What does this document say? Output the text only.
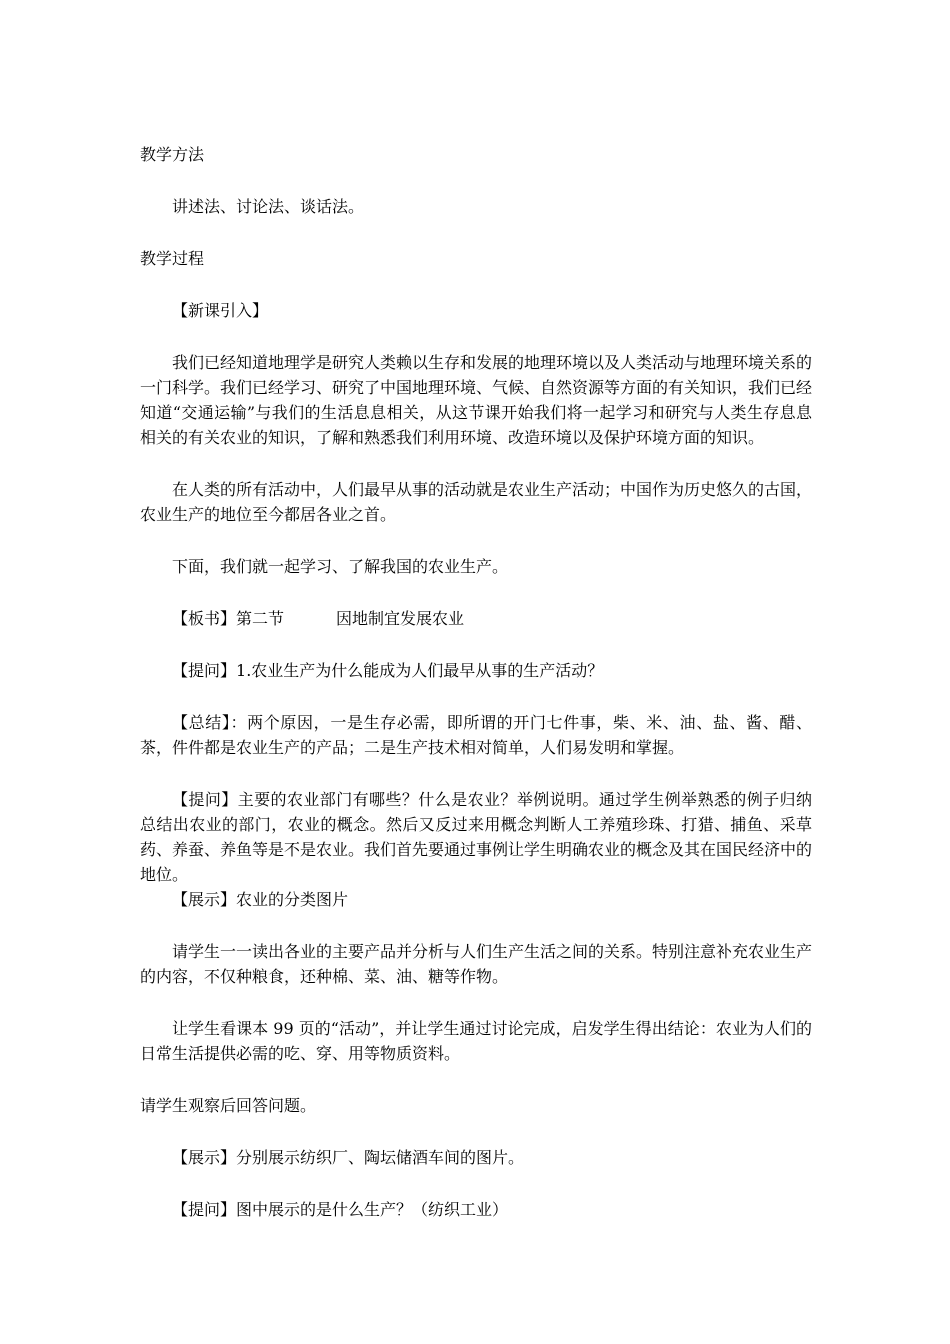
教学方法

讲述法、讨论法、谈话法。

教学过程

【新课引入】

我们已经知道地理学是研究人类赖以生存和发展的地理环境以及人类活动与地理环境关系的一门科学。我们已经学习、研究了中国地理环境、气候、自然资源等方面的有关知识，我们已经知道“交通运输”与我们的生活息息相关，从这节课开始我们将一起学习和研究与人类生存息息相关的有关农业的知识，了解和熟悉我们利用环境、改造环境以及保护环境方面的知识。

在人类的所有活动中，人们最早从事的活动就是农业生产活动；中国作为历史悠久的古国，农业生产的地位至今都居各业之首。

下面，我们就一起学习、了解我国的农业生产。

【板书】第二节	因地制宜发展农业

【提问】1.农业生产为什么能成为人们最早从事的生产活动？

【总结】：两个原因，一是生存必需，即所谓的开门七件事，柴、米、油、盐、酱、醋、茶，件件都是农业生产的产品；二是生产技术相对简单，人们易发明和掌握。

【提问】主要的农业部门有哪些？什么是农业？举例说明。通过学生例举熟悉的例子归纳总结出农业的部门，农业的概念。然后又反过来用概念判断人工养殖珍珠、打猎、捕鱼、采草药、养蚕、养鱼等是不是农业。我们首先要通过事例让学生明确农业的概念及其在国民经济中的地位。

【展示】农业的分类图片

请学生一一读出各业的主要产品并分析与人们生产生活之间的关系。特别注意补充农业生产的内容，不仅种粮食，还种棉、菜、油、糖等作物。

让学生看课本 99 页的“活动”，并让学生通过讨论完成，启发学生得出结论：农业为人们的日常生活提供必需的吃、穿、用等物质资料。

请学生观察后回答问题。

【展示】分别展示纺织厂、陶坛储酒车间的图片。

【提问】图中展示的是什么生产？（纺织工业）
